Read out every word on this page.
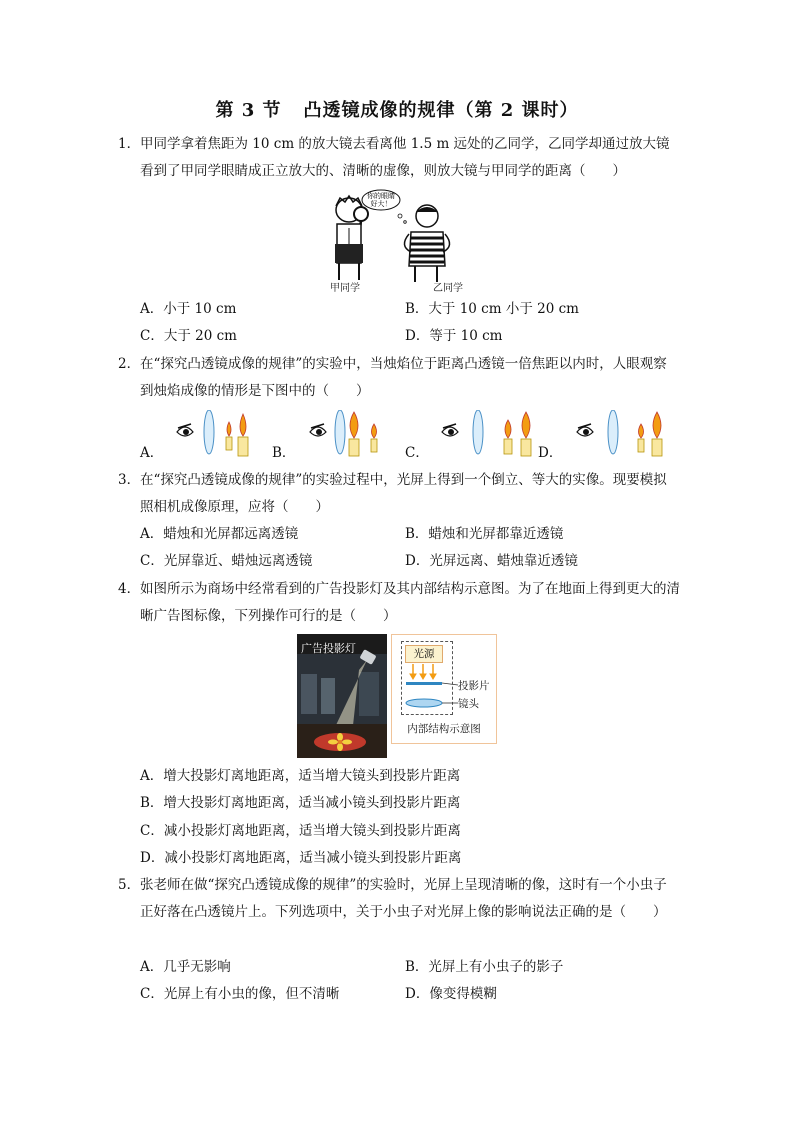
第 3 节 凸透镜成像的规律（第 2 课时）
1． 甲同学拿着焦距为 10 cm 的放大镜去看离他 1.5 m 远处的乙同学，乙同学却通过放大镜看到了甲同学眼睛成正立放大的、清晰的虚像，则放大镜与甲同学的距离（　　）
你的眼睛
好大！
甲同学	乙同学
A．小于 10 cm	B．大于 10 cm 小于 20 cm
C．大于 20 cm	D．等于 10 cm
2． 在“探究凸透镜成像的规律”的实验中，当烛焰位于距离凸透镜一倍焦距以内时，人眼观察到烛焰成像的情形是下图中的（　　）
A．	B．	C．	D．
3． 在“探究凸透镜成像的规律”的实验过程中，光屏上得到一个倒立、等大的实像。现要模拟照相机成像原理，应将（　　）
A．蜡烛和光屏都远离透镜	B．蜡烛和光屏都靠近透镜
C．光屏靠近、蜡烛远离透镜	D．光屏远离、蜡烛靠近透镜
4． 如图所示为商场中经常看到的广告投影灯及其内部结构示意图。为了在地面上得到更大的清晰广告图标像，下列操作可行的是（　　）
广告投影灯	光源
投影片
镜头
内部结构示意图
A．增大投影灯离地距离，适当增大镜头到投影片距离
B．增大投影灯离地距离，适当减小镜头到投影片距离
C．减小投影灯离地距离，适当增大镜头到投影片距离
D．减小投影灯离地距离，适当减小镜头到投影片距离
5． 张老师在做“探究凸透镜成像的规律”的实验时，光屏上呈现清晰的像，这时有一个小虫子正好落在凸透镜片上。下列选项中，关于小虫子对光屏上像的影响说法正确的是（　　）
A．几乎无影响	B．光屏上有小虫子的影子
C．光屏上有小虫的像，但不清晰	D．像变得模糊
